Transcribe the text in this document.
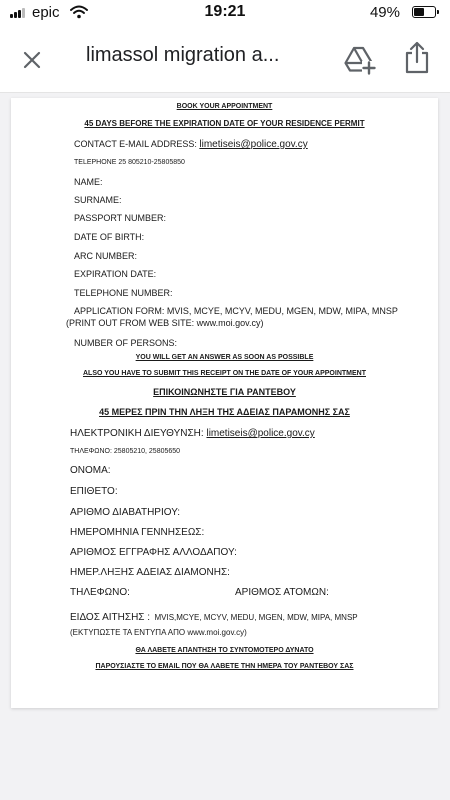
epic	19:21	49%
limassol migration a...
BOOK YOUR APPOINTMENT
45 DAYS BEFORE THE EXPIRATION DATE OF YOUR RESIDENCE PERMIT
CONTACT E-MAIL ADDRESS: limetiseis@police.gov.cy
TELEPHONE 25 805210-25805850
NAME:
SURNAME:
PASSPORT NUMBER:
DATE OF BIRTH:
ARC NUMBER:
EXPIRATION DATE:
TELEPHONE NUMBER:
APPLICATION FORM: MVIS, MCYE, MCYV, MEDU, MGEN, MDW, MIPA, MNSP
(PRINT OUT FROM WEB SITE: www.moi.gov.cy)
NUMBER OF PERSONS:
YOU WILL GET AN ANSWER AS SOON AS POSSIBLE
ALSO YOU HAVE TO SUBMIT THIS RECEIPT ON THE DATE OF YOUR APPOINTMENT
ΕΠΙΚΟΙΝΩΝΗΣΤΕ ΓΙΑ ΡΑΝΤΕΒΟΥ
45 ΜΕΡΕΣ ΠΡΙΝ ΤΗΝ ΛΗΞΗ ΤΗΣ ΑΔΕΙΑΣ ΠΑΡΑΜΟΝΗΣ ΣΑΣ
ΗΛΕΚΤΡΟΝΙΚΗ ΔΙΕΥΘΥΝΣΗ: limetiseis@police.gov.cy
ΤΗΛΕΦΩΝΟ: 25805210, 25805650
ΟΝΟΜΑ:
ΕΠΙΘΕΤΟ:
ΑΡΙΘΜΟ ΔΙΑΒΑΤΗΡΙΟΥ:
ΗΜΕΡΟΜΗΝΙΑ ΓΕΝΝΗΣΕΩΣ:
ΑΡΙΘΜΟΣ ΕΓΓΡΑΦΗΣ ΑΛΛΟΔΑΠΟΥ:
ΗΜΕΡ.ΛΗΞΗΣ ΑΔΕΙΑΣ ΔΙΑΜΟΝΗΣ:
ΤΗΛΕΦΩΝΟ:	ΑΡΙΘΜΟΣ ΑΤΟΜΩΝ:
ΕΙΔΟΣ ΑΙΤΗΣΗΣ : MVIS,MCYE, MCYV, MEDU, MGEN, MDW, MIPA, MNSP
(ΕΚΤΥΠΩΣΤΕ ΤΑ ΕΝΤΥΠΑ ΑΠΟ www.moi.gov.cy)
ΘΑ ΛΑΒΕΤΕ ΑΠΑΝΤΗΣΗ ΤΟ ΣΥΝΤΟΜΟΤΕΡΟ ΔΥΝΑΤΟ
ΠΑΡΟΥΣΙΑΣΤΕ ΤΟ EMAIL ΠΟΥ ΘΑ ΛΑΒΕΤΕ ΤΗΝ ΗΜΕΡΑ ΤΟΥ ΡΑΝΤΕΒΟΥ ΣΑΣ
